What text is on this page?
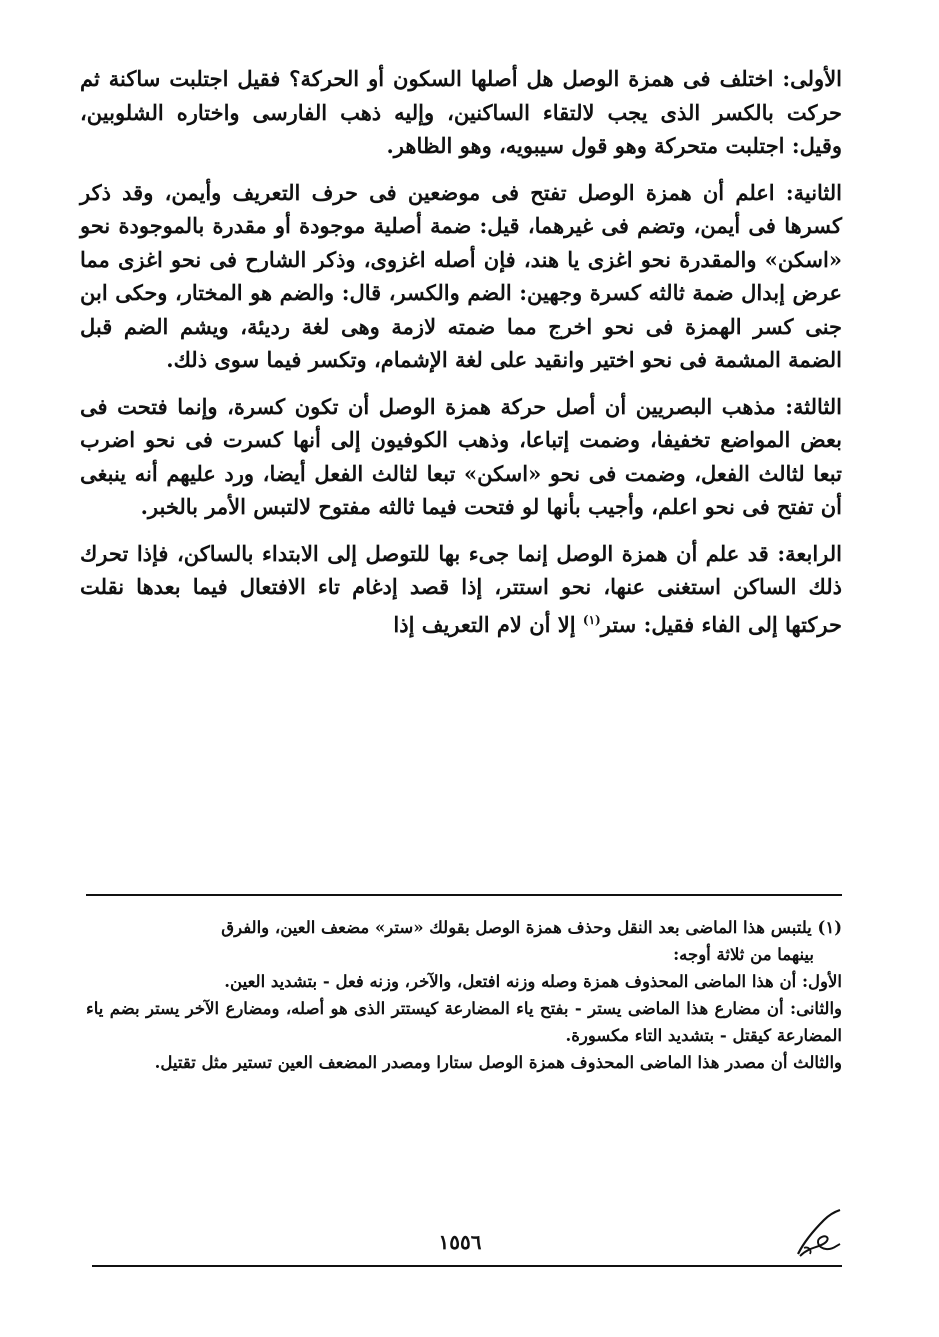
الأولى: اختلف فى همزة الوصل هل أصلها السكون أو الحركة؟ فقيل اجتلبت ساكنة ثم حركت بالكسر الذى يجب لالتقاء الساكنين، وإليه ذهب الفارسى واختاره الشلوبين، وقيل: اجتلبت متحركة وهو قول سيبويه، وهو الظاهر.

الثانية: اعلم أن همزة الوصل تفتح فى موضعين فى حرف التعريف وأيمن، وقد ذكر كسرها فى أيمن، وتضم فى غيرهما، قيل: ضمة أصلية موجودة أو مقدرة بالموجودة نحو «اسكن» والمقدرة نحو اغزى يا هند، فإن أصله اغزوى، وذكر الشارح فى نحو اغزى مما عرض إبدال ضمة ثالثه كسرة وجهين: الضم والكسر، قال: والضم هو المختار، وحكى ابن جنى كسر الهمزة فى نحو اخرج مما ضمته لازمة وهى لغة رديئة، ويشم الضم قبل الضمة المشمة فى نحو اختير وانقيد على لغة الإشمام، وتكسر فيما سوى ذلك.

الثالثة: مذهب البصريين أن أصل حركة همزة الوصل أن تكون كسرة، وإنما فتحت فى بعض المواضع تخفيفا، وضمت إتباعا، وذهب الكوفيون إلى أنها كسرت فى نحو اضرب تبعا لثالث الفعل، وضمت فى نحو «اسكن» تبعا لثالث الفعل أيضا، ورد عليهم أنه ينبغى أن تفتح فى نحو اعلم، وأجيب بأنها لو فتحت فيما ثالثه مفتوح لالتبس الأمر بالخبر.

الرابعة: قد علم أن همزة الوصل إنما جىء بها للتوصل إلى الابتداء بالساكن، فإذا تحرك ذلك الساكن استغنى عنها، نحو استتر، إذا قصد إدغام تاء الافتعال فيما بعدها نقلت حركتها إلى الفاء فقيل: ستر$^{(١)}$ إلا أن لام التعريف إذا

(١) يلتبس هذا الماضى بعد النقل وحذف همزة الوصل بقولك «ستر» مضعف العين، والفرق

بينهما من ثلاثة أوجه:

الأول: أن هذا الماضى المحذوف همزة وصله وزنه افتعل، والآخر، وزنه فعل - بتشديد العين.

والثانى: أن مضارع هذا الماضى يستر - بفتح ياء المضارعة كيستتر الذى هو أصله، ومضارع الآخر يستر بضم ياء المضارعة كيقتل - بتشديد التاء مكسورة.

والثالث أن مصدر هذا الماضى المحذوف همزة الوصل ستارا ومصدر المضعف العين تستير مثل تقتيل.

١٥٥٦
